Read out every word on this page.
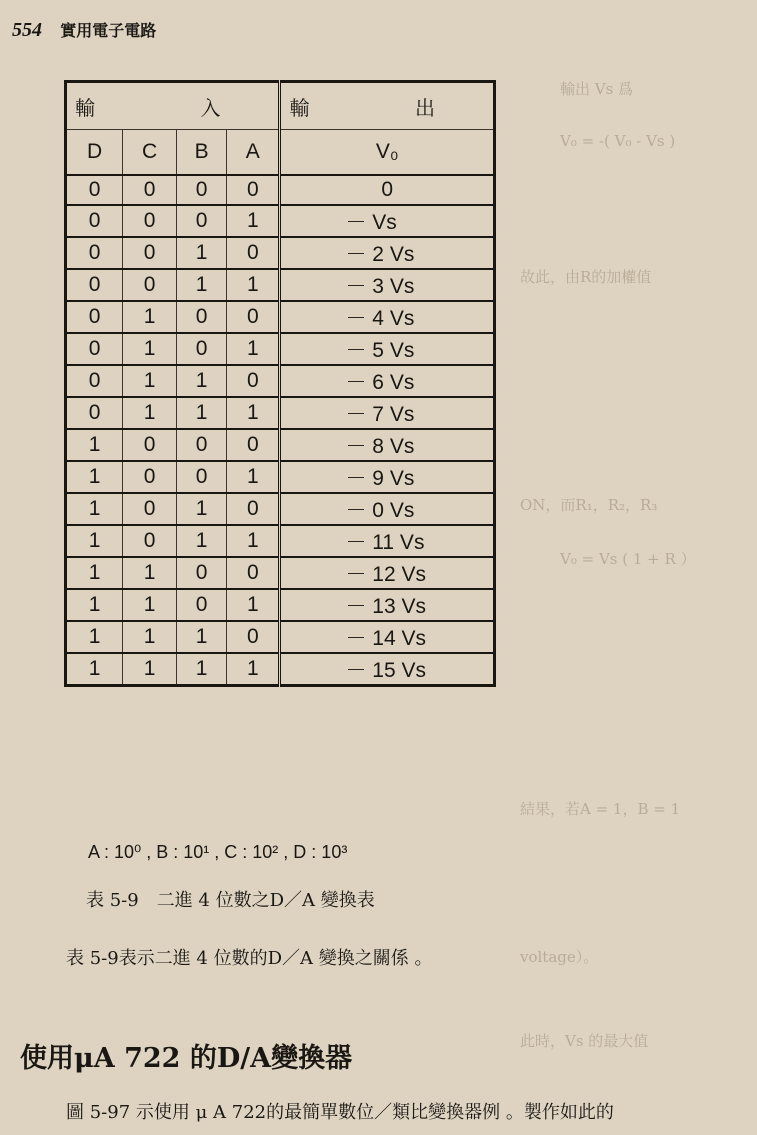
554 實用電子電路
輸出 Vs 爲
V₀ = -( V₀ - Vs )
故此，由R的加權值
ON，而R₁，R₂，R₃
V₀ = Vs ( 1 + R ）
結果，若A = 1，B = 1
voltage）。
此時，Vs 的最大值
輸 入				輸 出
D	C	B	A	V₀
0	0	0	0	0
0	0	0	1	－ Vs
0	0	1	0	－ 2 Vs
0	0	1	1	－ 3 Vs
0	1	0	0	－ 4 Vs
0	1	0	1	－ 5 Vs
0	1	1	0	－ 6 Vs
0	1	1	1	－ 7 Vs
1	0	0	0	－ 8 Vs
1	0	0	1	－ 9 Vs
1	0	1	0	－ 0 Vs
1	0	1	1	－ 11 Vs
1	1	0	0	－ 12 Vs
1	1	0	1	－ 13 Vs
1	1	1	0	－ 14 Vs
1	1	1	1	－ 15 Vs
A : 10⁰ , B : 10¹ , C : 10² , D : 10³
表 5-9　二進 4 位數之D／A 變換表
表 5-9表示二進 4 位數的D／A 變換之關係 。
使用μA 722 的D/A變換器
圖 5-97 示使用 μ A 722的最簡單數位／類比變換器例 。製作如此的
